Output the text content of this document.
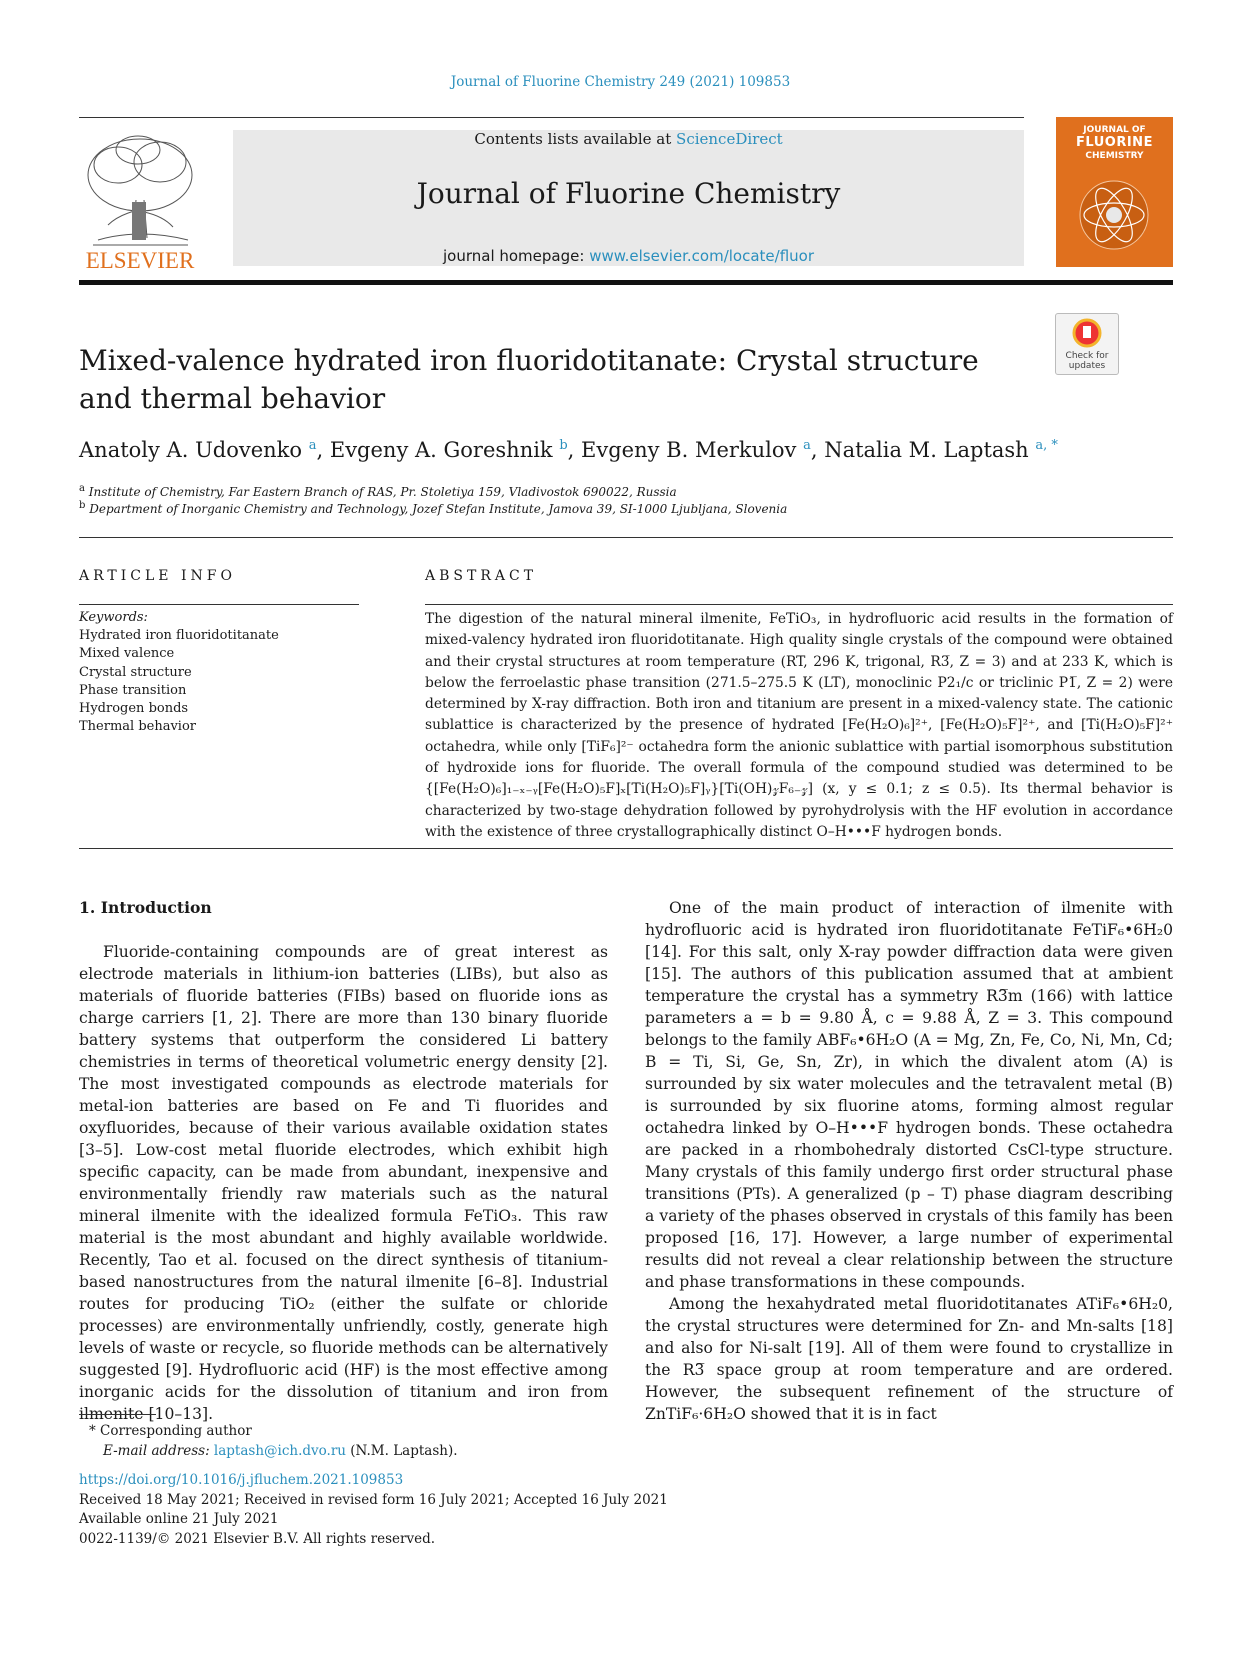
Journal of Fluorine Chemistry 249 (2021) 109853
ELSEVIER
Contents lists available at ScienceDirect
Journal of Fluorine Chemistry
journal homepage: www.elsevier.com/locate/fluor
JOURNAL OF
FLUORINE
CHEMISTRY
Check for
updates
Mixed-valence hydrated iron fluoridotitanate: Crystal structure and thermal behavior
Anatoly A. Udovenko $^a$, Evgeny A. Goreshnik $^b$, Evgeny B. Merkulov $^a$, Natalia M. Laptash $^{a, *}$
$^a$ Institute of Chemistry, Far Eastern Branch of RAS, Pr. Stoletiya 159, Vladivostok 690022, Russia
$^b$ Department of Inorganic Chemistry and Technology, Jozef Stefan Institute, Jamova 39, SI-1000 Ljubljana, Slovenia
ARTICLE INFO	ABSTRACT
Keywords:
Hydrated iron fluoridotitanate
Mixed valence
Crystal structure
Phase transition
Hydrogen bonds
Thermal behavior
The digestion of the natural mineral ilmenite, FeTiO₃, in hydrofluoric acid results in the formation of mixed-valency hydrated iron fluoridotitanate. High quality single crystals of the compound were obtained and their crystal structures at room temperature (RT, 296 K, trigonal, R3̅, Z = 3) and at 233 K, which is below the ferroelastic phase transition (271.5–275.5 K (LT), monoclinic P2₁/c or triclinic P1̅, Z = 2) were determined by X-ray diffraction. Both iron and titanium are present in a mixed-valency state. The cationic sublattice is characterized by the presence of hydrated [Fe(H₂O)₆]²⁺, [Fe(H₂O)₅F]²⁺, and [Ti(H₂O)₅F]²⁺ octahedra, while only [TiF₆]²⁻ octahedra form the anionic sublattice with partial isomorphous substitution of hydroxide ions for fluoride. The overall formula of the compound studied was determined to be {[Fe(H₂O)₆]₁₋ₓ₋ᵧ[Fe(H₂O)₅F]ₓ[Ti(H₂O)₅F]ᵧ}[Ti(OH)𝓏F₆₋𝓏] (x, y ≤ 0.1; z ≤ 0.5). Its thermal behavior is characterized by two-stage dehydration followed by pyrohydrolysis with the HF evolution in accordance with the existence of three crystallographically distinct O–H•••F hydrogen bonds.

1. Introduction

Fluoride-containing compounds are of great interest as electrode materials in lithium-ion batteries (LIBs), but also as materials of fluoride batteries (FIBs) based on fluoride ions as charge carriers [1, 2]. There are more than 130 binary fluoride battery systems that outperform the considered Li battery chemistries in terms of theoretical volumetric energy density [2]. The most investigated compounds as electrode materials for metal-ion batteries are based on Fe and Ti fluorides and oxyfluorides, because of their various available oxidation states [3–5]. Low-cost metal fluoride electrodes, which exhibit high specific capacity, can be made from abundant, inexpensive and environmentally friendly raw materials such as the natural mineral ilmenite with the idealized formula FeTiO₃. This raw material is the most abundant and highly available worldwide. Recently, Tao et al. focused on the direct synthesis of titanium-based nanostructures from the natural ilmenite [6–8]. Industrial routes for producing TiO₂ (either the sulfate or chloride processes) are environmentally unfriendly, costly, generate high levels of waste or recycle, so fluoride methods can be alternatively suggested [9]. Hydrofluoric acid (HF) is the most effective among inorganic acids for the dissolution of titanium and iron from ilmenite [10–13].

One of the main product of interaction of ilmenite with hydrofluoric acid is hydrated iron fluoridotitanate FeTiF₆•6H₂0 [14]. For this salt, only X-ray powder diffraction data were given [15]. The authors of this publication assumed that at ambient temperature the crystal has a symmetry R3̅m (166) with lattice parameters a = b = 9.80 Å, c = 9.88 Å, Z = 3. This compound belongs to the family ABF₆•6H₂O (A = Mg, Zn, Fe, Co, Ni, Mn, Cd; B = Ti, Si, Ge, Sn, Zr), in which the divalent atom (A) is surrounded by six water molecules and the tetravalent metal (B) is surrounded by six fluorine atoms, forming almost regular octahedra linked by O–H•••F hydrogen bonds. These octahedra are packed in a rhombohedraly distorted CsCl-type structure. Many crystals of this family undergo first order structural phase transitions (PTs). A generalized (p – T) phase diagram describing a variety of the phases observed in crystals of this family has been proposed [16, 17]. However, a large number of experimental results did not reveal a clear relationship between the structure and phase transformations in these compounds.

Among the hexahydrated metal fluoridotitanates ATiF₆•6H₂0, the crystal structures were determined for Zn- and Mn-salts [18] and also for Ni-salt [19]. All of them were found to crystallize in the R3̅ space group at room temperature and are ordered. However, the subsequent refinement of the structure of ZnTiF₆·6H₂O showed that it is in fact

* Corresponding author
E-mail address: laptash@ich.dvo.ru (N.M. Laptash).
https://doi.org/10.1016/j.jfluchem.2021.109853
Received 18 May 2021; Received in revised form 16 July 2021; Accepted 16 July 2021
Available online 21 July 2021
0022-1139/© 2021 Elsevier B.V. All rights reserved.
